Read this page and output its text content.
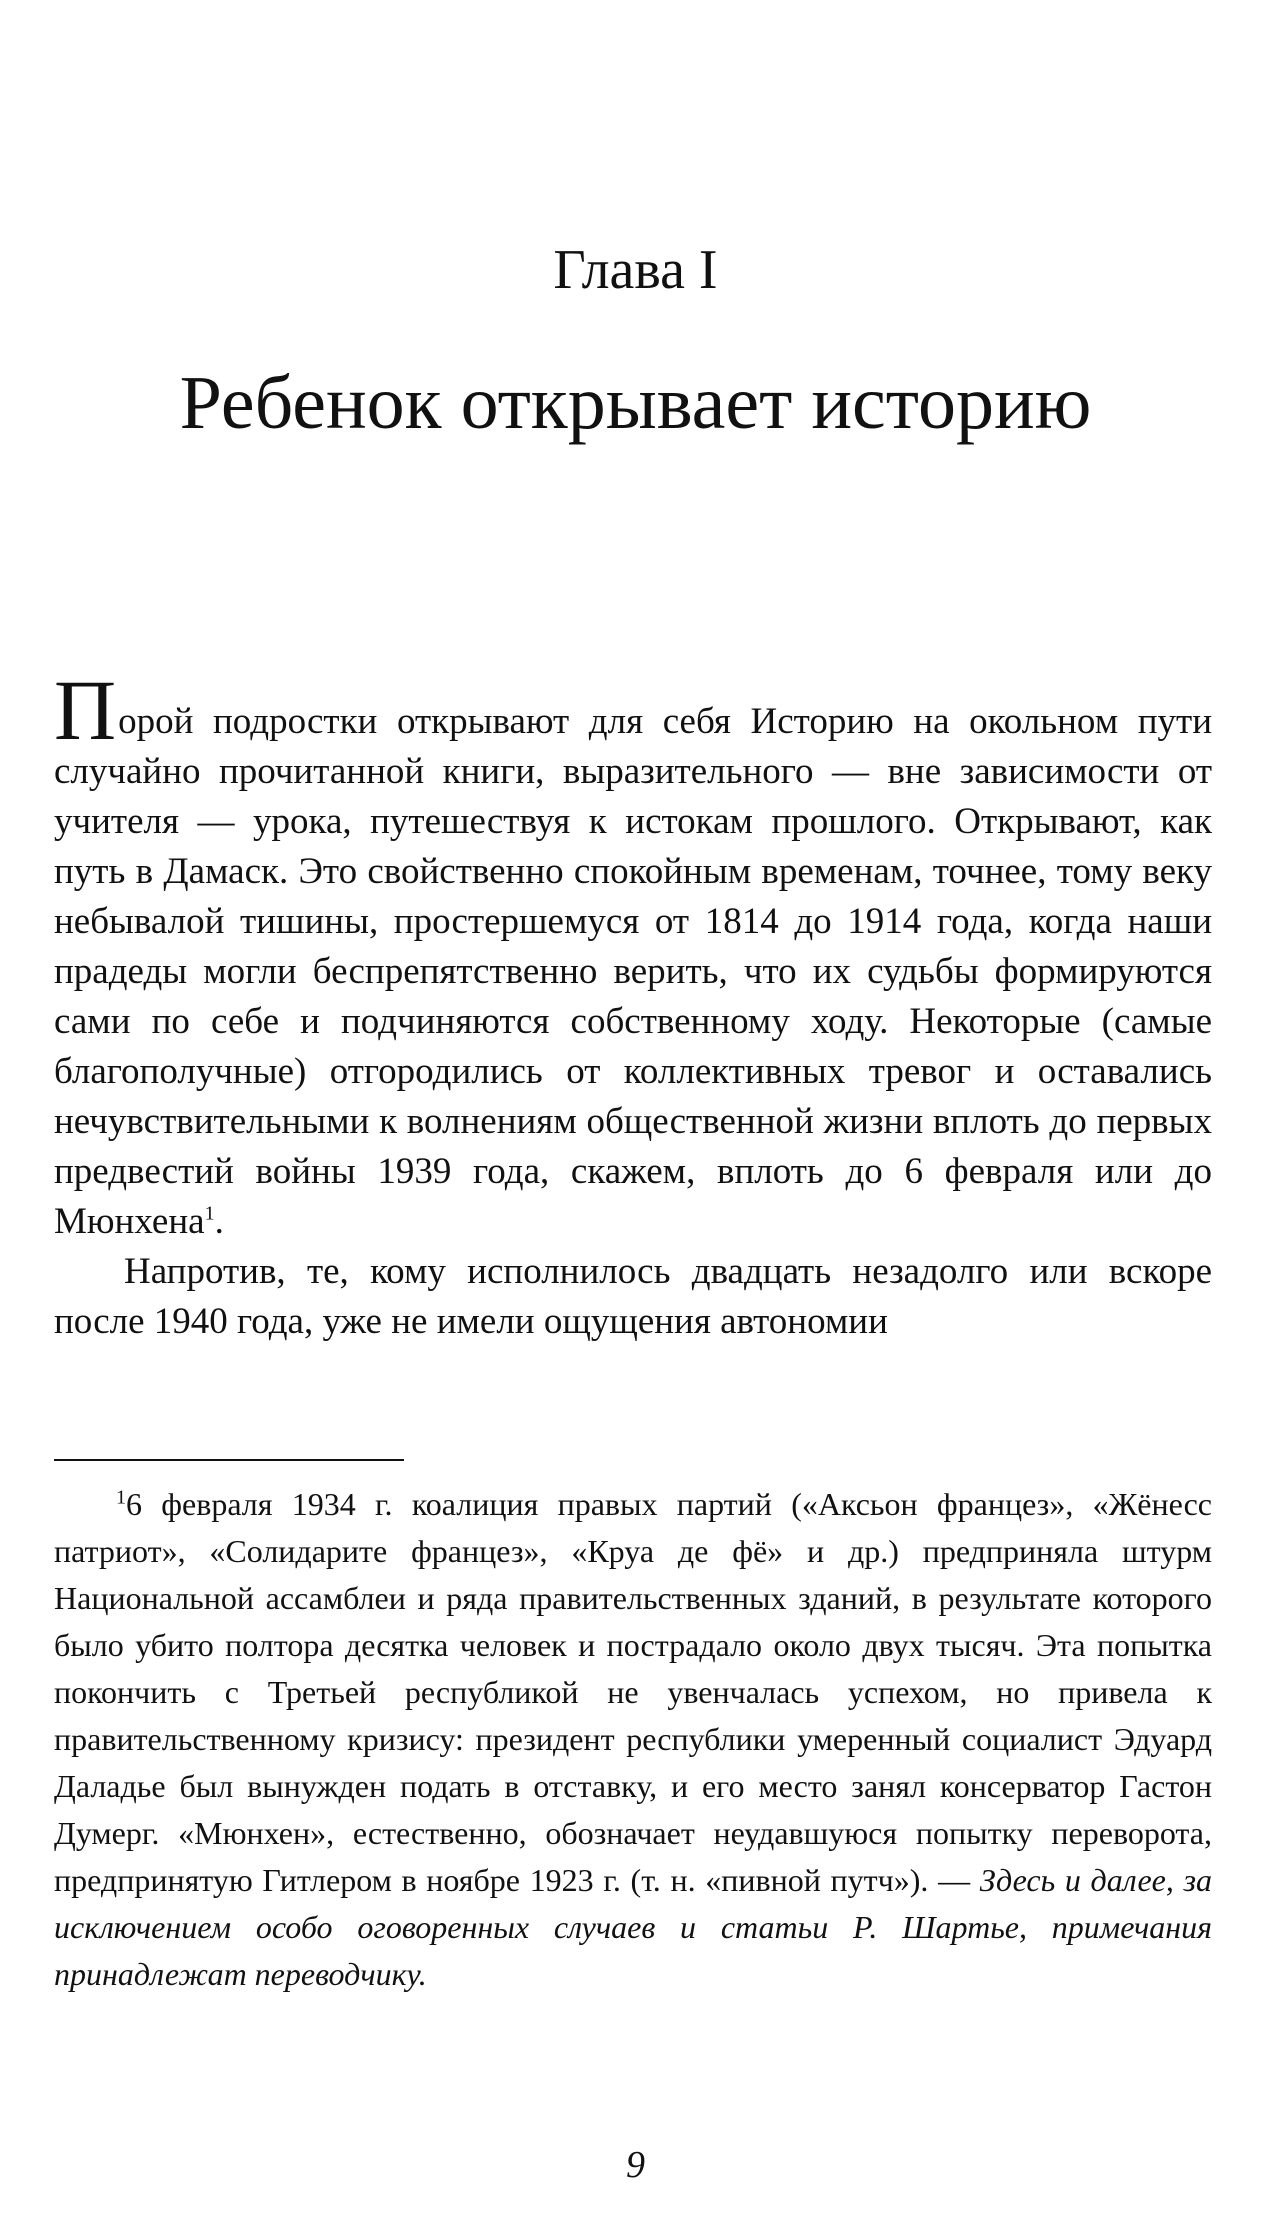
Глава I
Ребенок открывает историю

Порой подростки открывают для себя Историю на окольном пути случайно прочитанной книги, выразительного — вне зависимости от учителя — урока, путешествуя к истокам прошлого. Открывают, как путь в Дамаск. Это свойственно спокойным временам, точнее, тому веку небывалой тишины, простершемуся от 1814 до 1914 года, когда наши прадеды могли беспрепятственно верить, что их судьбы формируются сами по себе и подчиняются собственному ходу. Некоторые (самые благополучные) отгородились от коллективных тревог и оставались нечувствительными к волнениям общественной жизни вплоть до первых предвестий войны 1939 года, скажем, вплоть до 6 февраля или до Мюнхена$^1$.

Напротив, те, кому исполнилось двадцать незадолго или вскоре после 1940 года, уже не имели ощущения автономии

$^1$6 февраля 1934 г. коалиция правых партий («Аксьон францез», «Жёнесс патриот», «Солидарите францез», «Круа де фё» и др.) предприняла штурм Национальной ассамблеи и ряда правительственных зданий, в результате которого было убито полтора десятка человек и пострадало около двух тысяч. Эта попытка покончить с Третьей республикой не увенчалась успехом, но привела к правительственному кризису: президент республики умеренный социалист Эдуард Даладье был вынужден подать в отставку, и его место занял консерватор Гастон Думерг. «Мюнхен», естественно, обозначает неудавшуюся попытку переворота, предпринятую Гитлером в ноябре 1923 г. (т. н. «пивной путч»). — Здесь и далее, за исключением особо оговоренных случаев и статьи Р. Шартье, примечания принадлежат переводчику.

9
